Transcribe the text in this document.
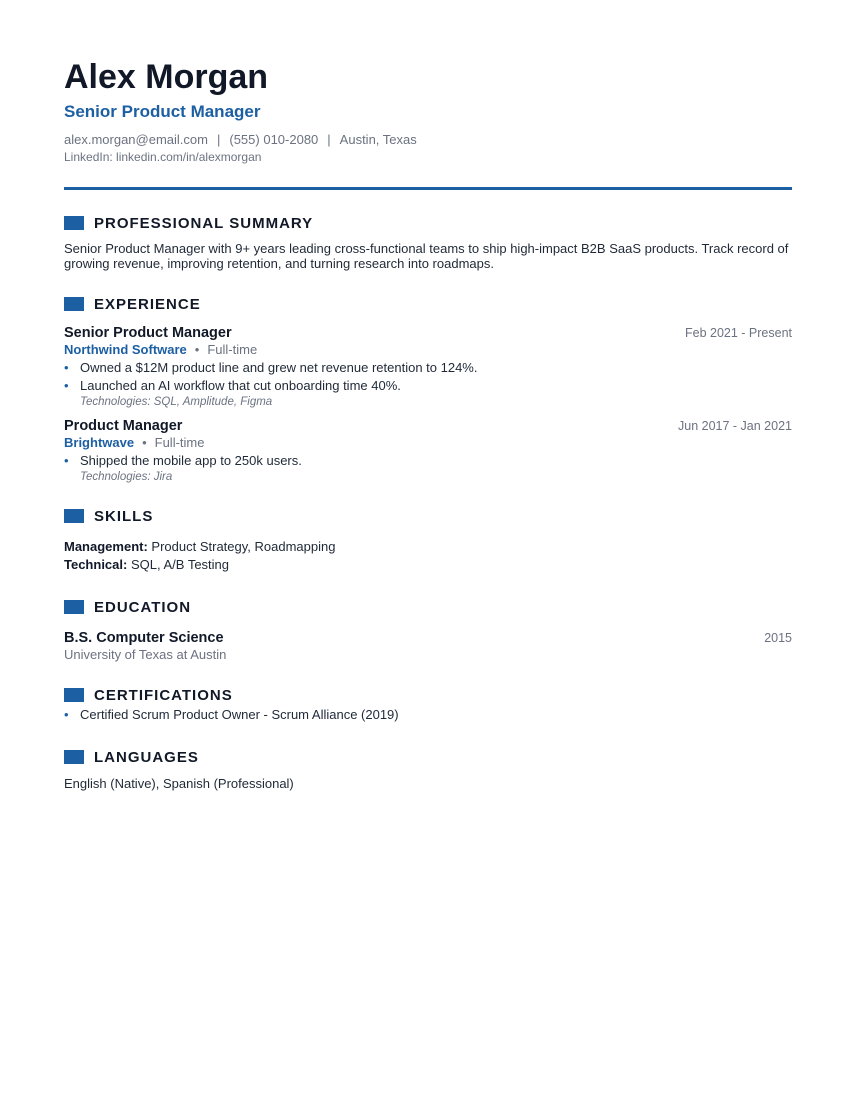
Alex Morgan
Senior Product Manager
alex.morgan@email.com | (555) 010-2080 | Austin, Texas
LinkedIn: linkedin.com/in/alexmorgan
PROFESSIONAL SUMMARY
Senior Product Manager with 9+ years leading cross-functional teams to ship high-impact B2B SaaS products. Track record of growing revenue, improving retention, and turning research into roadmaps.
EXPERIENCE
Senior Product Manager	Feb 2021 - Present
Northwind Software • Full-time
• Owned a $12M product line and grew net revenue retention to 124%.
• Launched an AI workflow that cut onboarding time 40%.
Technologies: SQL, Amplitude, Figma
Product Manager	Jun 2017 - Jan 2021
Brightwave • Full-time
• Shipped the mobile app to 250k users.
Technologies: Jira
SKILLS
Management: Product Strategy, Roadmapping
Technical: SQL, A/B Testing
EDUCATION
B.S. Computer Science	2015
University of Texas at Austin
CERTIFICATIONS
• Certified Scrum Product Owner - Scrum Alliance (2019)
LANGUAGES
English (Native), Spanish (Professional)
